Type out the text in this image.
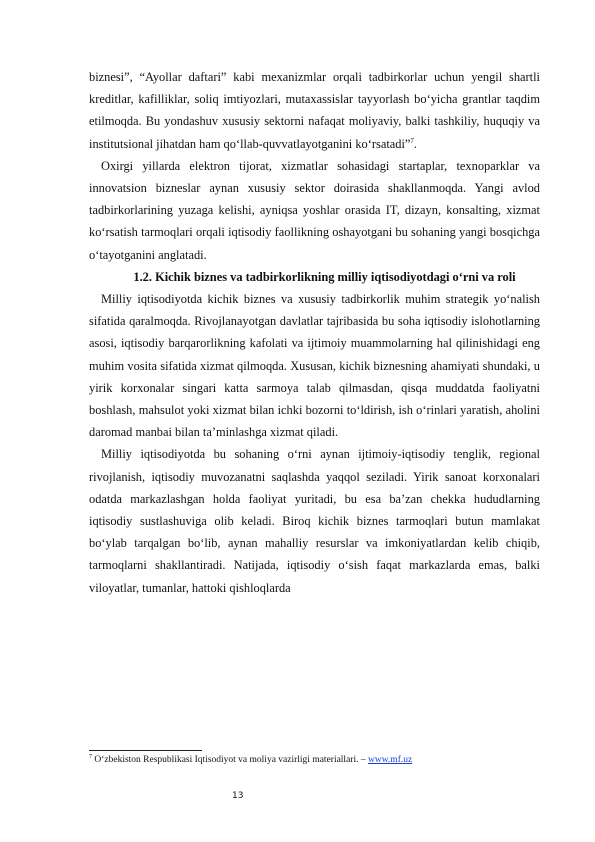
biznesi”, “Ayollar daftari” kabi mexanizmlar orqali tadbirkorlar uchun yengil shartli kreditlar, kafilliklar, soliq imtiyozlari, mutaxassislar tayyorlash bo‘yicha grantlar taqdim etilmoqda. Bu yondashuv xususiy sektorni nafaqat moliyaviy, balki tashkiliy, huquqiy va institutsional jihatdan ham qo‘llab-quvvatlayotganini ko‘rsatadi”$^7$.

Oxirgi yillarda elektron tijorat, xizmatlar sohasidagi startaplar, texnoparklar va innovatsion bizneslar aynan xususiy sektor doirasida shakllanmoqda. Yangi avlod tadbirkorlarining yuzaga kelishi, ayniqsa yoshlar orasida IT, dizayn, konsalting, xizmat ko‘rsatish tarmoqlari orqali iqtisodiy faollikning oshayotgani bu sohaning yangi bosqichga o‘tayotganini anglatadi.

1.2. Kichik biznes va tadbirkorlikning milliy iqtisodiyotdagi o‘rni va roli

Milliy iqtisodiyotda kichik biznes va xususiy tadbirkorlik muhim strategik yo‘nalish sifatida qaralmoqda. Rivojlanayotgan davlatlar tajribasida bu soha iqtisodiy islohotlarning asosi, iqtisodiy barqarorlikning kafolati va ijtimoiy muammolarning hal qilinishidagi eng muhim vosita sifatida xizmat qilmoqda. Xususan, kichik biznesning ahamiyati shundaki, u yirik korxonalar singari katta sarmoya talab qilmasdan, qisqa muddatda faoliyatni boshlash, mahsulot yoki xizmat bilan ichki bozorni to‘ldirish, ish o‘rinlari yaratish, aholini daromad manbai bilan ta’minlashga xizmat qiladi.

Milliy iqtisodiyotda bu sohaning o‘rni aynan ijtimoiy-iqtisodiy tenglik, regional rivojlanish, iqtisodiy muvozanatni saqlashda yaqqol seziladi. Yirik sanoat korxonalari odatda markazlashgan holda faoliyat yuritadi, bu esa ba’zan chekka hududlarning iqtisodiy sustlashuviga olib keladi. Biroq kichik biznes tarmoqlari butun mamlakat bo‘ylab tarqalgan bo‘lib, aynan mahalliy resurslar va imkoniyatlardan kelib chiqib, tarmoqlarni shakllantiradi. Natijada, iqtisodiy o‘sish faqat markazlarda emas, balki viloyatlar, tumanlar, hattoki qishloqlarda

$^7$ O‘zbekiston Respublikasi Iqtisodiyot va moliya vazirligi materiallari. – www.mf.uz
13
